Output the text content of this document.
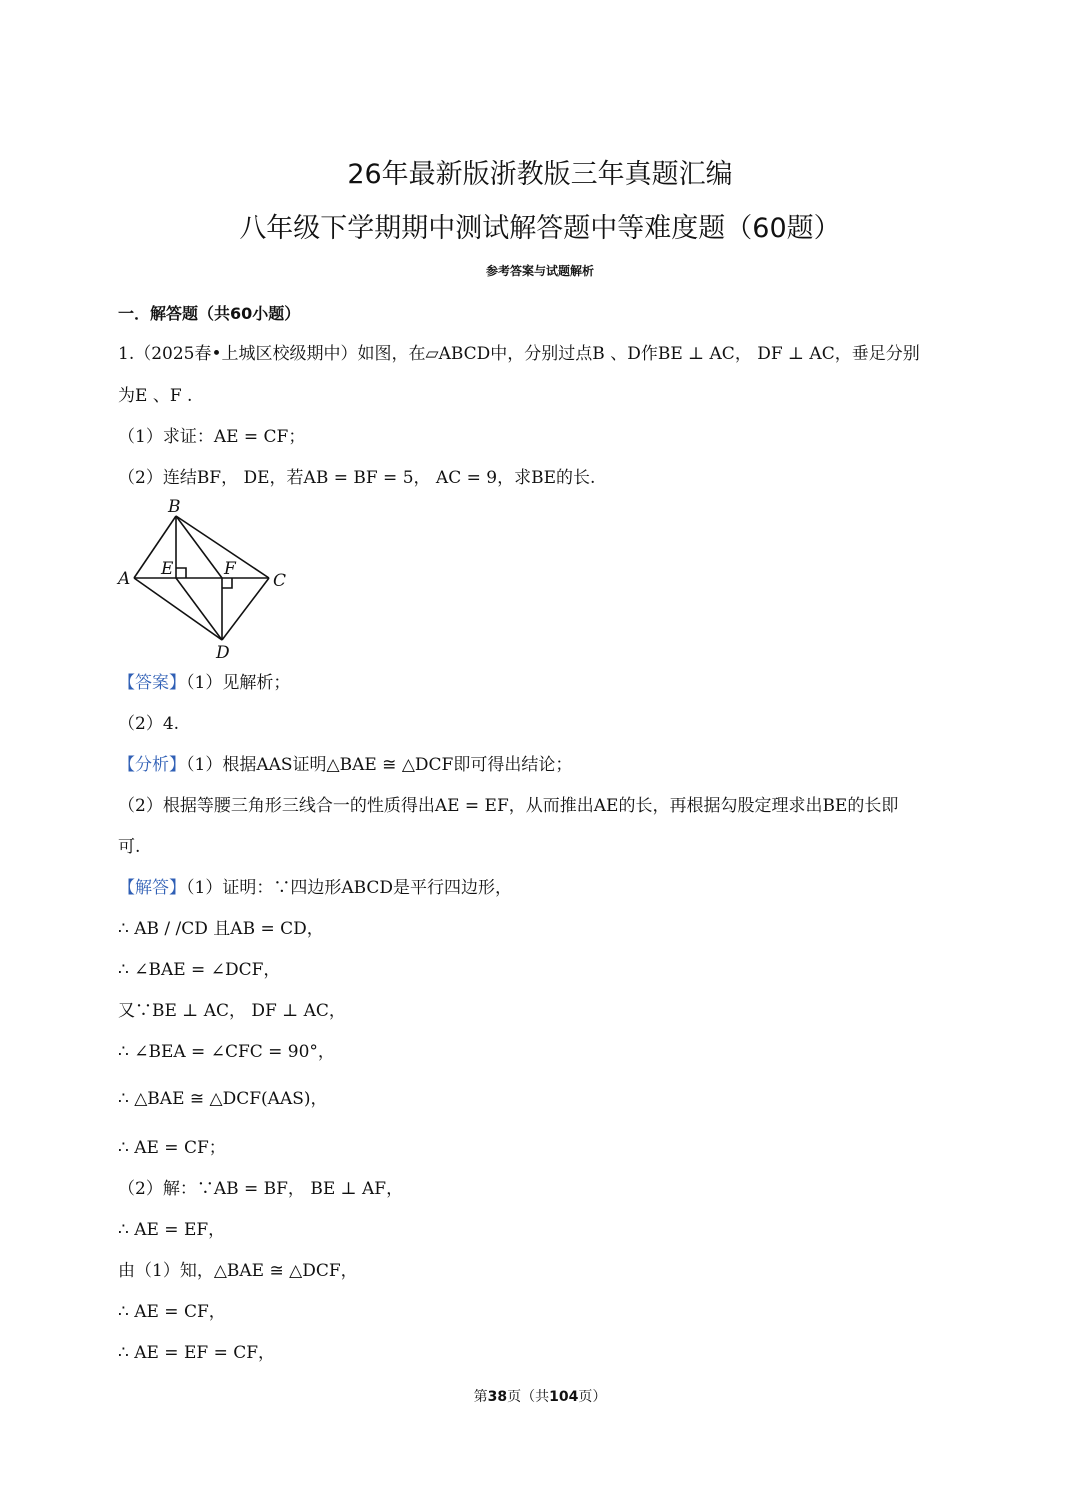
26年最新版浙教版三年真题汇编
八年级下学期期中测试解答题中等难度题（60题）
参考答案与试题解析
一．解答题（共60小题）
1.（2025春•上城区校级期中）如图，在▱ABCD中，分别过点B 、D作BE ⊥ AC， DF ⊥ AC，垂足分别
为E 、F .
（1）求证：AE = CF；
（2）连结BF， DE，若AB = BF = 5， AC = 9，求BE的长.
A
B
C
D
E	F
【答案】（1）见解析；
（2）4.
【分析】（1）根据AAS证明△BAE ≅ △DCF即可得出结论；
（2）根据等腰三角形三线合一的性质得出AE = EF，从而推出AE的长，再根据勾股定理求出BE的长即
可.
【解答】（1）证明：∵四边形ABCD是平行四边形，
∴ AB / /CD 且AB = CD，
∴ ∠BAE = ∠DCF，
又∵BE ⊥ AC， DF ⊥ AC，
∴ ∠BEA = ∠CFC = 90°，
∴ △BAE ≅ △DCF(AAS)，
∴ AE = CF；
（2）解：∵AB = BF， BE ⊥ AF，
∴ AE = EF，
由（1）知，△BAE ≅ △DCF，
∴ AE = CF，
∴ AE = EF = CF，
第38页（共104页）
